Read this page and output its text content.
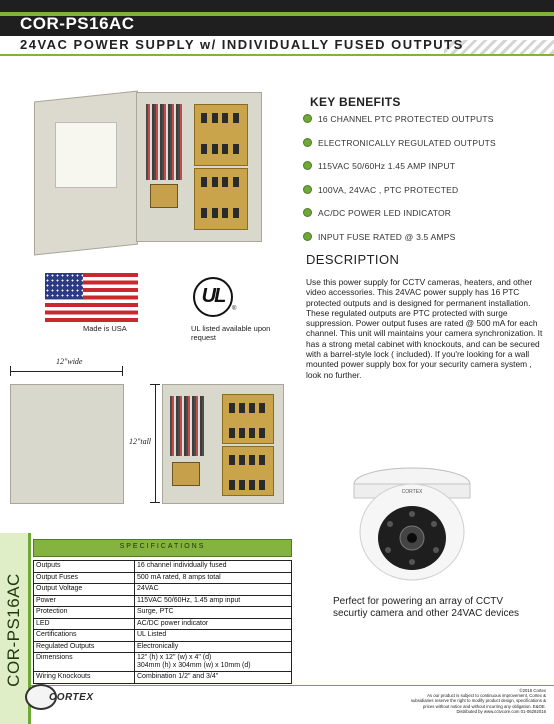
COR-PS16AC
24VAC POWER SUPPLY w/ INDIVIDUALLY FUSED OUTPUTS
KEY BENEFITS
16 CHANNEL PTC PROTECTED OUTPUTS
ELECTRONICALLY REGULATED OUTPUTS
115VAC 50/60Hz 1.45 AMP INPUT
100VA, 24VAC , PTC PROTECTED
AC/DC POWER LED INDICATOR
INPUT FUSE RATED @ 3.5 AMPS
DESCRIPTION
Use this power supply for CCTV cameras, heaters, and other video accessories. This 24VAC power supply has 16 PTC protected outputs and is designed for permanent installation. These regulated outputs are PTC protected with surge suppression. Power output fuses are rated @ 500 mA for each channel. This unit will maintains your camera synchronization. It has a strong metal cabinet with knockouts, and can be secured with a barrel-style lock ( included). If you're looking for a wall mounted power supply box for your security camera system , look no further.
Made is USA
UL
®
UL listed available upon request
12"wide
12"tall
CORTEX
Perfect for powering an array of CCTV securtiy camera and other 24VAC devices
COR-PS16AC
SPECIFICATIONS
Outputs	16 channel individually fused
Output Fuses	500 mA rated, 8 amps total
Output Voltage	24VAC
Power	115VAC 50/60Hz, 1.45 amp input
Protection	Surge, PTC
LED	AC/DC power indicator
Certifications	UL Listed
Regulated Outputs	Electronically
Dimensions	12" (h) x 12" (w) x 4" (d)
304mm (h) x 304mm (w) x 10mm (d)
Wiring Knockouts	Combination 1/2" and 3/4"
CORTEX
©2016 Cortex
As our product is subject to continuous improvement, Cortex &
subsidiaries reserve the right to modify product design, specifications &
prices without notice and without incurring any obligation. E&OE.
Distributed by www.cctvcore.com 01-06292016
